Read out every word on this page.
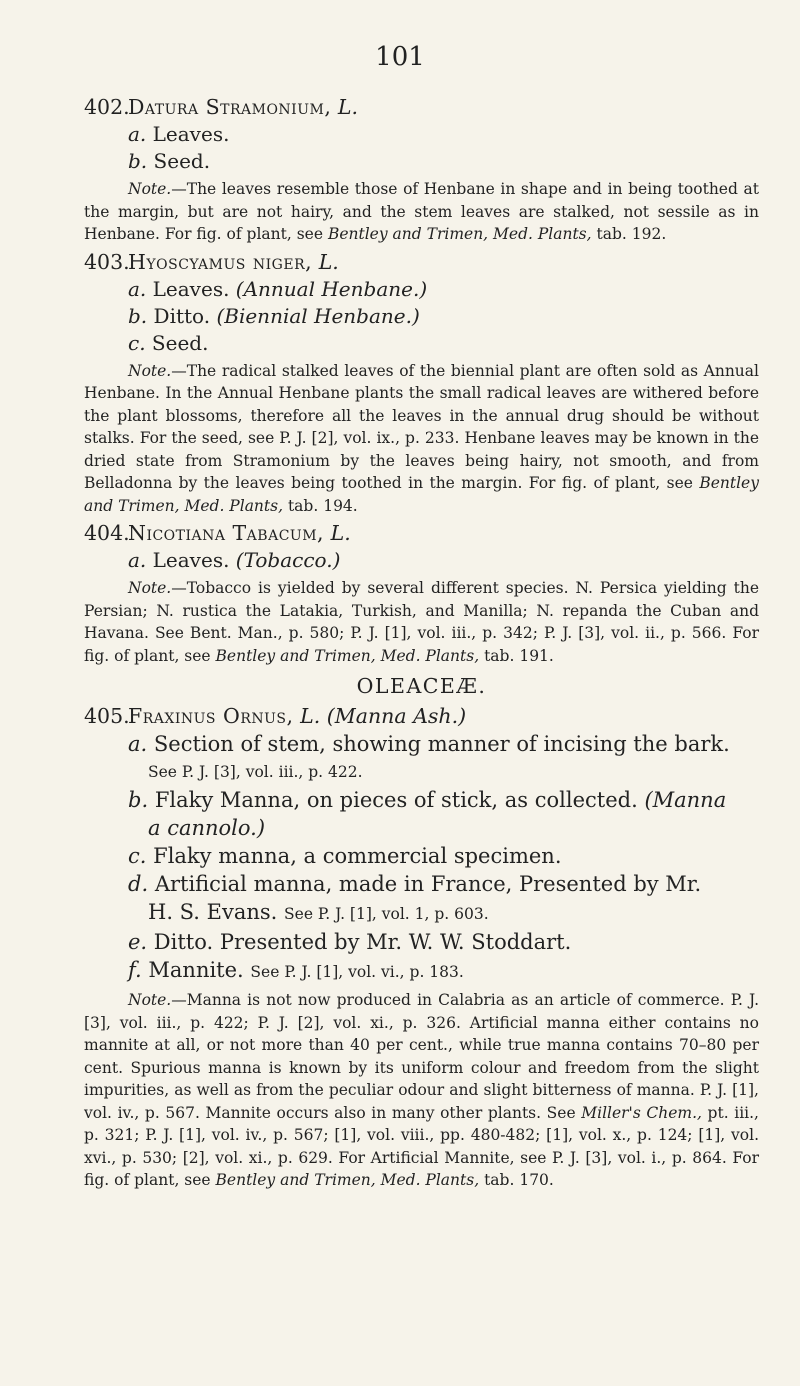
101

402.Datura Stramonium, L.

a. Leaves.

b. Seed.

Note.—The leaves resemble those of Henbane in shape and in being toothed at the margin, but are not hairy, and the stem leaves are stalked, not sessile as in Henbane. For fig. of plant, see Bentley and Trimen, Med. Plants, tab. 192.

403.Hyoscyamus niger, L.

a. Leaves. (Annual Henbane.)

b. Ditto. (Biennial Henbane.)

c. Seed.

Note.—The radical stalked leaves of the biennial plant are often sold as Annual Henbane. In the Annual Henbane plants the small radical leaves are withered before the plant blossoms, therefore all the leaves in the annual drug should be without stalks. For the seed, see P. J. [2], vol. ix., p. 233. Henbane leaves may be known in the dried state from Stramonium by the leaves being hairy, not smooth, and from Belladonna by the leaves being toothed in the margin. For fig. of plant, see Bentley and Trimen, Med. Plants, tab. 194.

404.Nicotiana Tabacum, L.

a. Leaves. (Tobacco.)

Note.—Tobacco is yielded by several different species. N. Persica yielding the Persian; N. rustica the Latakia, Turkish, and Manilla; N. repanda the Cuban and Havana. See Bent. Man., p. 580; P. J. [1], vol. iii., p. 342; P. J. [3], vol. ii., p. 566. For fig. of plant, see Bentley and Trimen, Med. Plants, tab. 191.

OLEACEÆ.

405.Fraxinus Ornus, L. (Manna Ash.)

a. Section of stem, showing manner of incising the bark.
See P. J. [3], vol. iii., p. 422.

b. Flaky Manna, on pieces of stick, as collected. (Manna
a cannolo.)

c. Flaky manna, a commercial specimen.

d. Artificial manna, made in France, Presented by Mr.
H. S. Evans. See P. J. [1], vol. 1, p. 603.

e. Ditto. Presented by Mr. W. W. Stoddart.

f. Mannite. See P. J. [1], vol. vi., p. 183.

Note.—Manna is not now produced in Calabria as an article of commerce. P. J. [3], vol. iii., p. 422; P. J. [2], vol. xi., p. 326. Artificial manna either contains no mannite at all, or not more than 40 per cent., while true manna contains 70–80 per cent. Spurious manna is known by its uniform colour and freedom from the slight impurities, as well as from the peculiar odour and slight bitterness of manna. P. J. [1], vol. iv., p. 567. Mannite occurs also in many other plants. See Miller's Chem., pt. iii., p. 321; P. J. [1], vol. iv., p. 567; [1], vol. viii., pp. 480-482; [1], vol. x., p. 124; [1], vol. xvi., p. 530; [2], vol. xi., p. 629. For Artificial Mannite, see P. J. [3], vol. i., p. 864. For fig. of plant, see Bentley and Trimen, Med. Plants, tab. 170.
